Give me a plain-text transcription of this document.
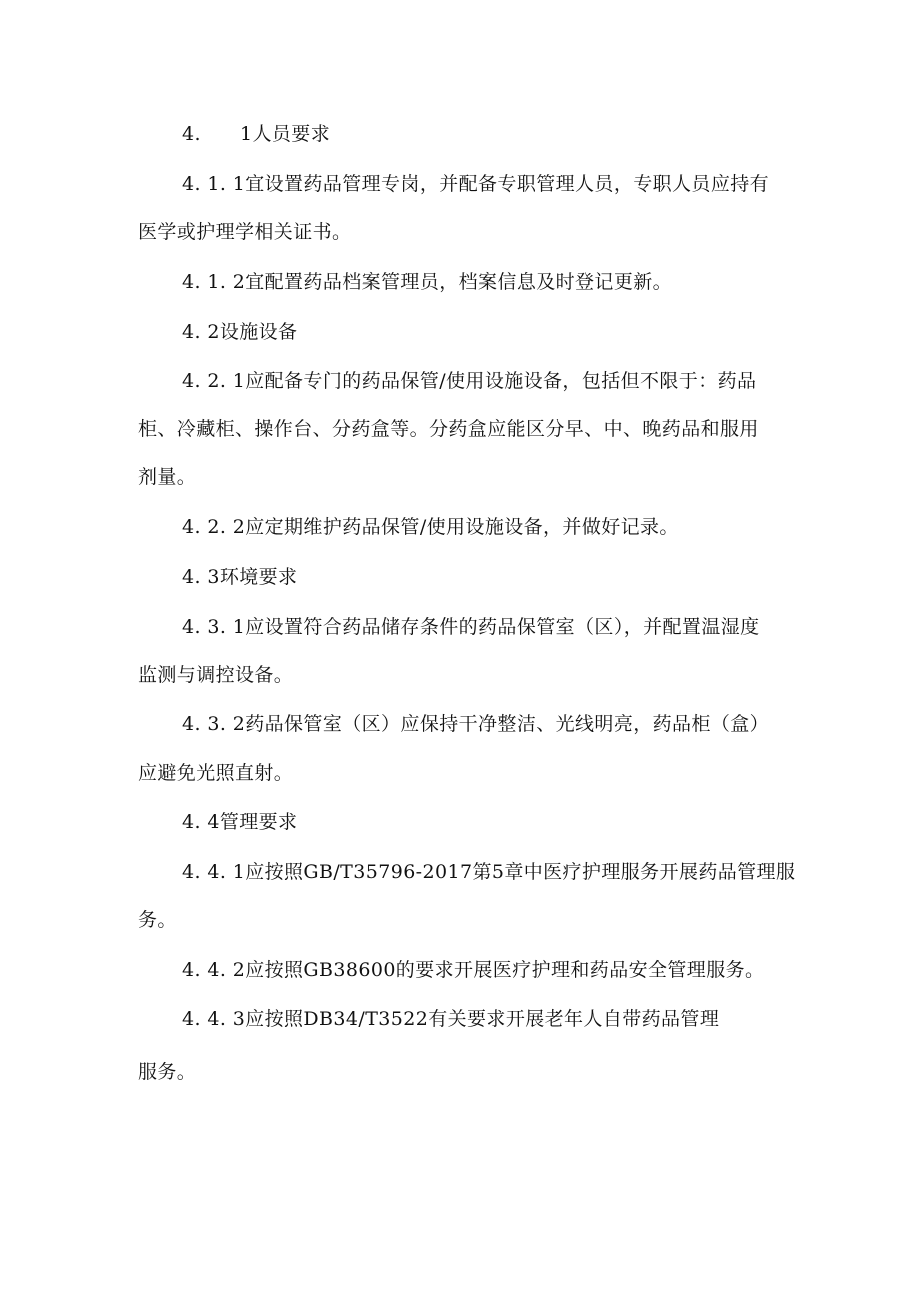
4. 1人员要求
4. 1. 1宜设置药品管理专岗，并配备专职管理人员，专职人员应持有
医学或护理学相关证书。
4. 1. 2宜配置药品档案管理员，档案信息及时登记更新。
4. 2设施设备
4. 2. 1应配备专门的药品保管/使用设施设备，包括但不限于：药品
柜、冷藏柜、操作台、分药盒等。分药盒应能区分早、中、晚药品和服用
剂量。
4. 2. 2应定期维护药品保管/使用设施设备，并做好记录。
4. 3环境要求
4. 3. 1应设置符合药品储存条件的药品保管室（区），并配置温湿度
监测与调控设备。
4. 3. 2药品保管室（区）应保持干净整洁、光线明亮，药品柜（盒）
应避免光照直射。
4. 4管理要求
4. 4. 1应按照GB/T35796-2017第5章中医疗护理服务开展药品管理服
务。
4. 4. 2应按照GB38600的要求开展医疗护理和药品安全管理服务。
4. 4. 3应按照DB34/T3522有关要求开展老年人自带药品管理
服务。
